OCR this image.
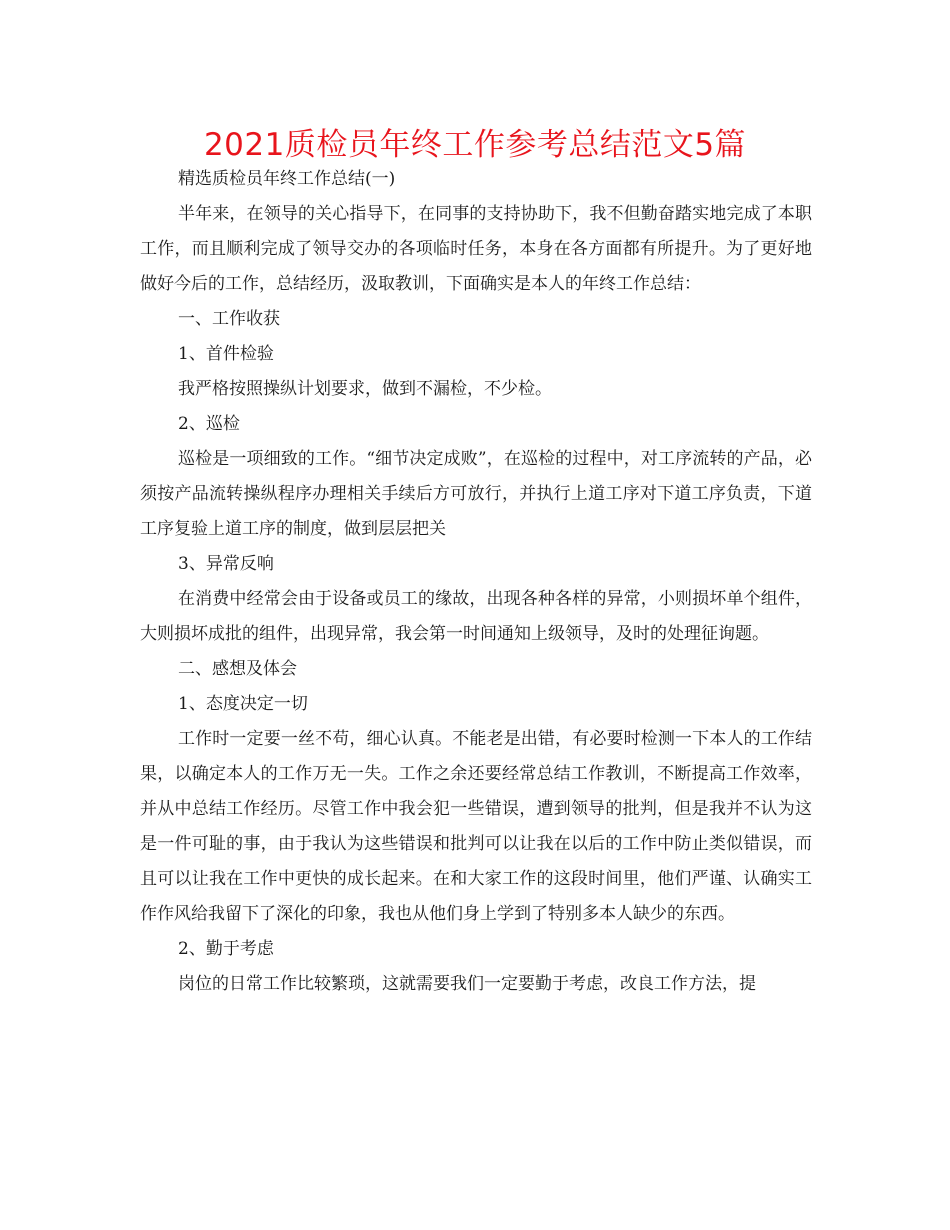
2021质检员年终工作参考总结范文5篇

精选质检员年终工作总结(一)

半年来，在领导的关心指导下，在同事的支持协助下，我不但勤奋踏实地完成了本职工作，而且顺利完成了领导交办的各项临时任务，本身在各方面都有所提升。为了更好地做好今后的工作，总结经历，汲取教训，下面确实是本人的年终工作总结：

一、工作收获

1、首件检验

我严格按照操纵计划要求，做到不漏检，不少检。

2、巡检

巡检是一项细致的工作。“细节决定成败”，在巡检的过程中，对工序流转的产品，必须按产品流转操纵程序办理相关手续后方可放行，并执行上道工序对下道工序负责，下道工序复验上道工序的制度，做到层层把关

3、异常反响

在消费中经常会由于设备或员工的缘故，出现各种各样的异常，小则损坏单个组件，大则损坏成批的组件，出现异常，我会第一时间通知上级领导，及时的处理征询题。

二、感想及体会

1、态度决定一切

工作时一定要一丝不苟，细心认真。不能老是出错，有必要时检测一下本人的工作结果，以确定本人的工作万无一失。工作之余还要经常总结工作教训，不断提高工作效率，并从中总结工作经历。尽管工作中我会犯一些错误，遭到领导的批判，但是我并不认为这是一件可耻的事，由于我认为这些错误和批判可以让我在以后的工作中防止类似错误，而且可以让我在工作中更快的成长起来。在和大家工作的这段时间里，他们严谨、认确实工作作风给我留下了深化的印象，我也从他们身上学到了特别多本人缺少的东西。

2、勤于考虑

岗位的日常工作比较繁琐，这就需要我们一定要勤于考虑，改良工作方法，提
